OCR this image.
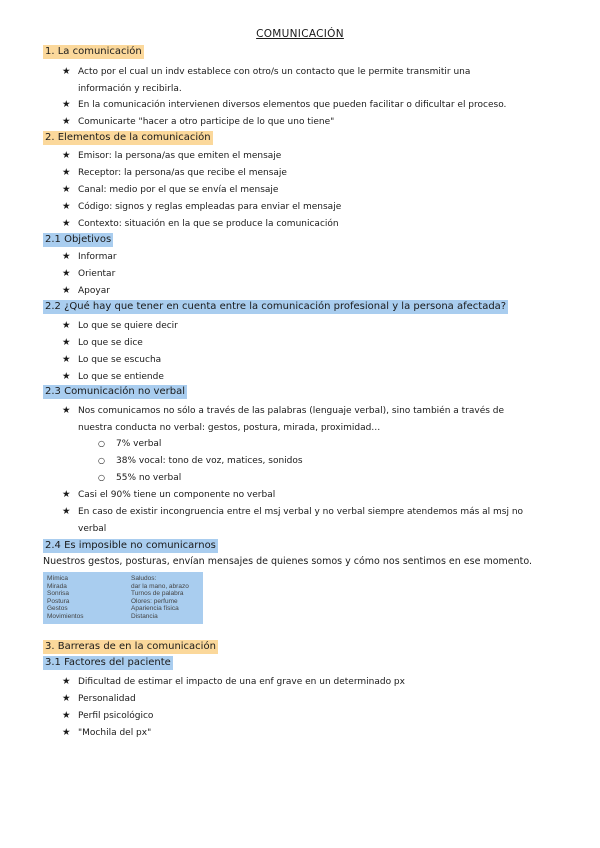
COMUNICACIÓN
1. La comunicación
★ Acto por el cual un indv establece con otro/s un contacto que le permite transmitir una
información y recibirla.
★ En la comunicación intervienen diversos elementos que pueden facilitar o dificultar el proceso.
★ Comunicarte "hacer a otro participe de lo que uno tiene"
2. Elementos de la comunicación
★ Emisor: la persona/as que emiten el mensaje
★ Receptor: la persona/as que recibe el mensaje
★ Canal: medio por el que se envía el mensaje
★ Código: signos y reglas empleadas para enviar el mensaje
★ Contexto: situación en la que se produce la comunicación
2.1 Objetivos
★ Informar
★ Orientar
★ Apoyar
2.2 ¿Qué hay que tener en cuenta entre la comunicación profesional y la persona afectada?
★ Lo que se quiere decir
★ Lo que se dice
★ Lo que se escucha
★ Lo que se entiende
2.3 Comunicación no verbal
★ Nos comunicamos no sólo a través de las palabras (lenguaje verbal), sino también a través de
nuestra conducta no verbal: gestos, postura, mirada, proximidad…
○ 7% verbal
○ 38% vocal: tono de voz, matices, sonidos
○ 55% no verbal
★ Casi el 90% tiene un componente no verbal
★ En caso de existir incongruencia entre el msj verbal y no verbal siempre atendemos más al msj no
verbal
2.4 Es imposible no comunicarnos
Nuestros gestos, posturas, envían mensajes de quienes somos y cómo nos sentimos en ese momento.
Mímica
Mirada
Sonrisa
Postura
Gestos
Movimientos
Saludos:
dar la mano, abrazo
Turnos de palabra
Olores: perfume
Apariencia física
Distancia
3. Barreras de en la comunicación
3.1 Factores del paciente
★ Dificultad de estimar el impacto de una enf grave en un determinado px
★ Personalidad
★ Perfil psicológico
★ "Mochila del px"
